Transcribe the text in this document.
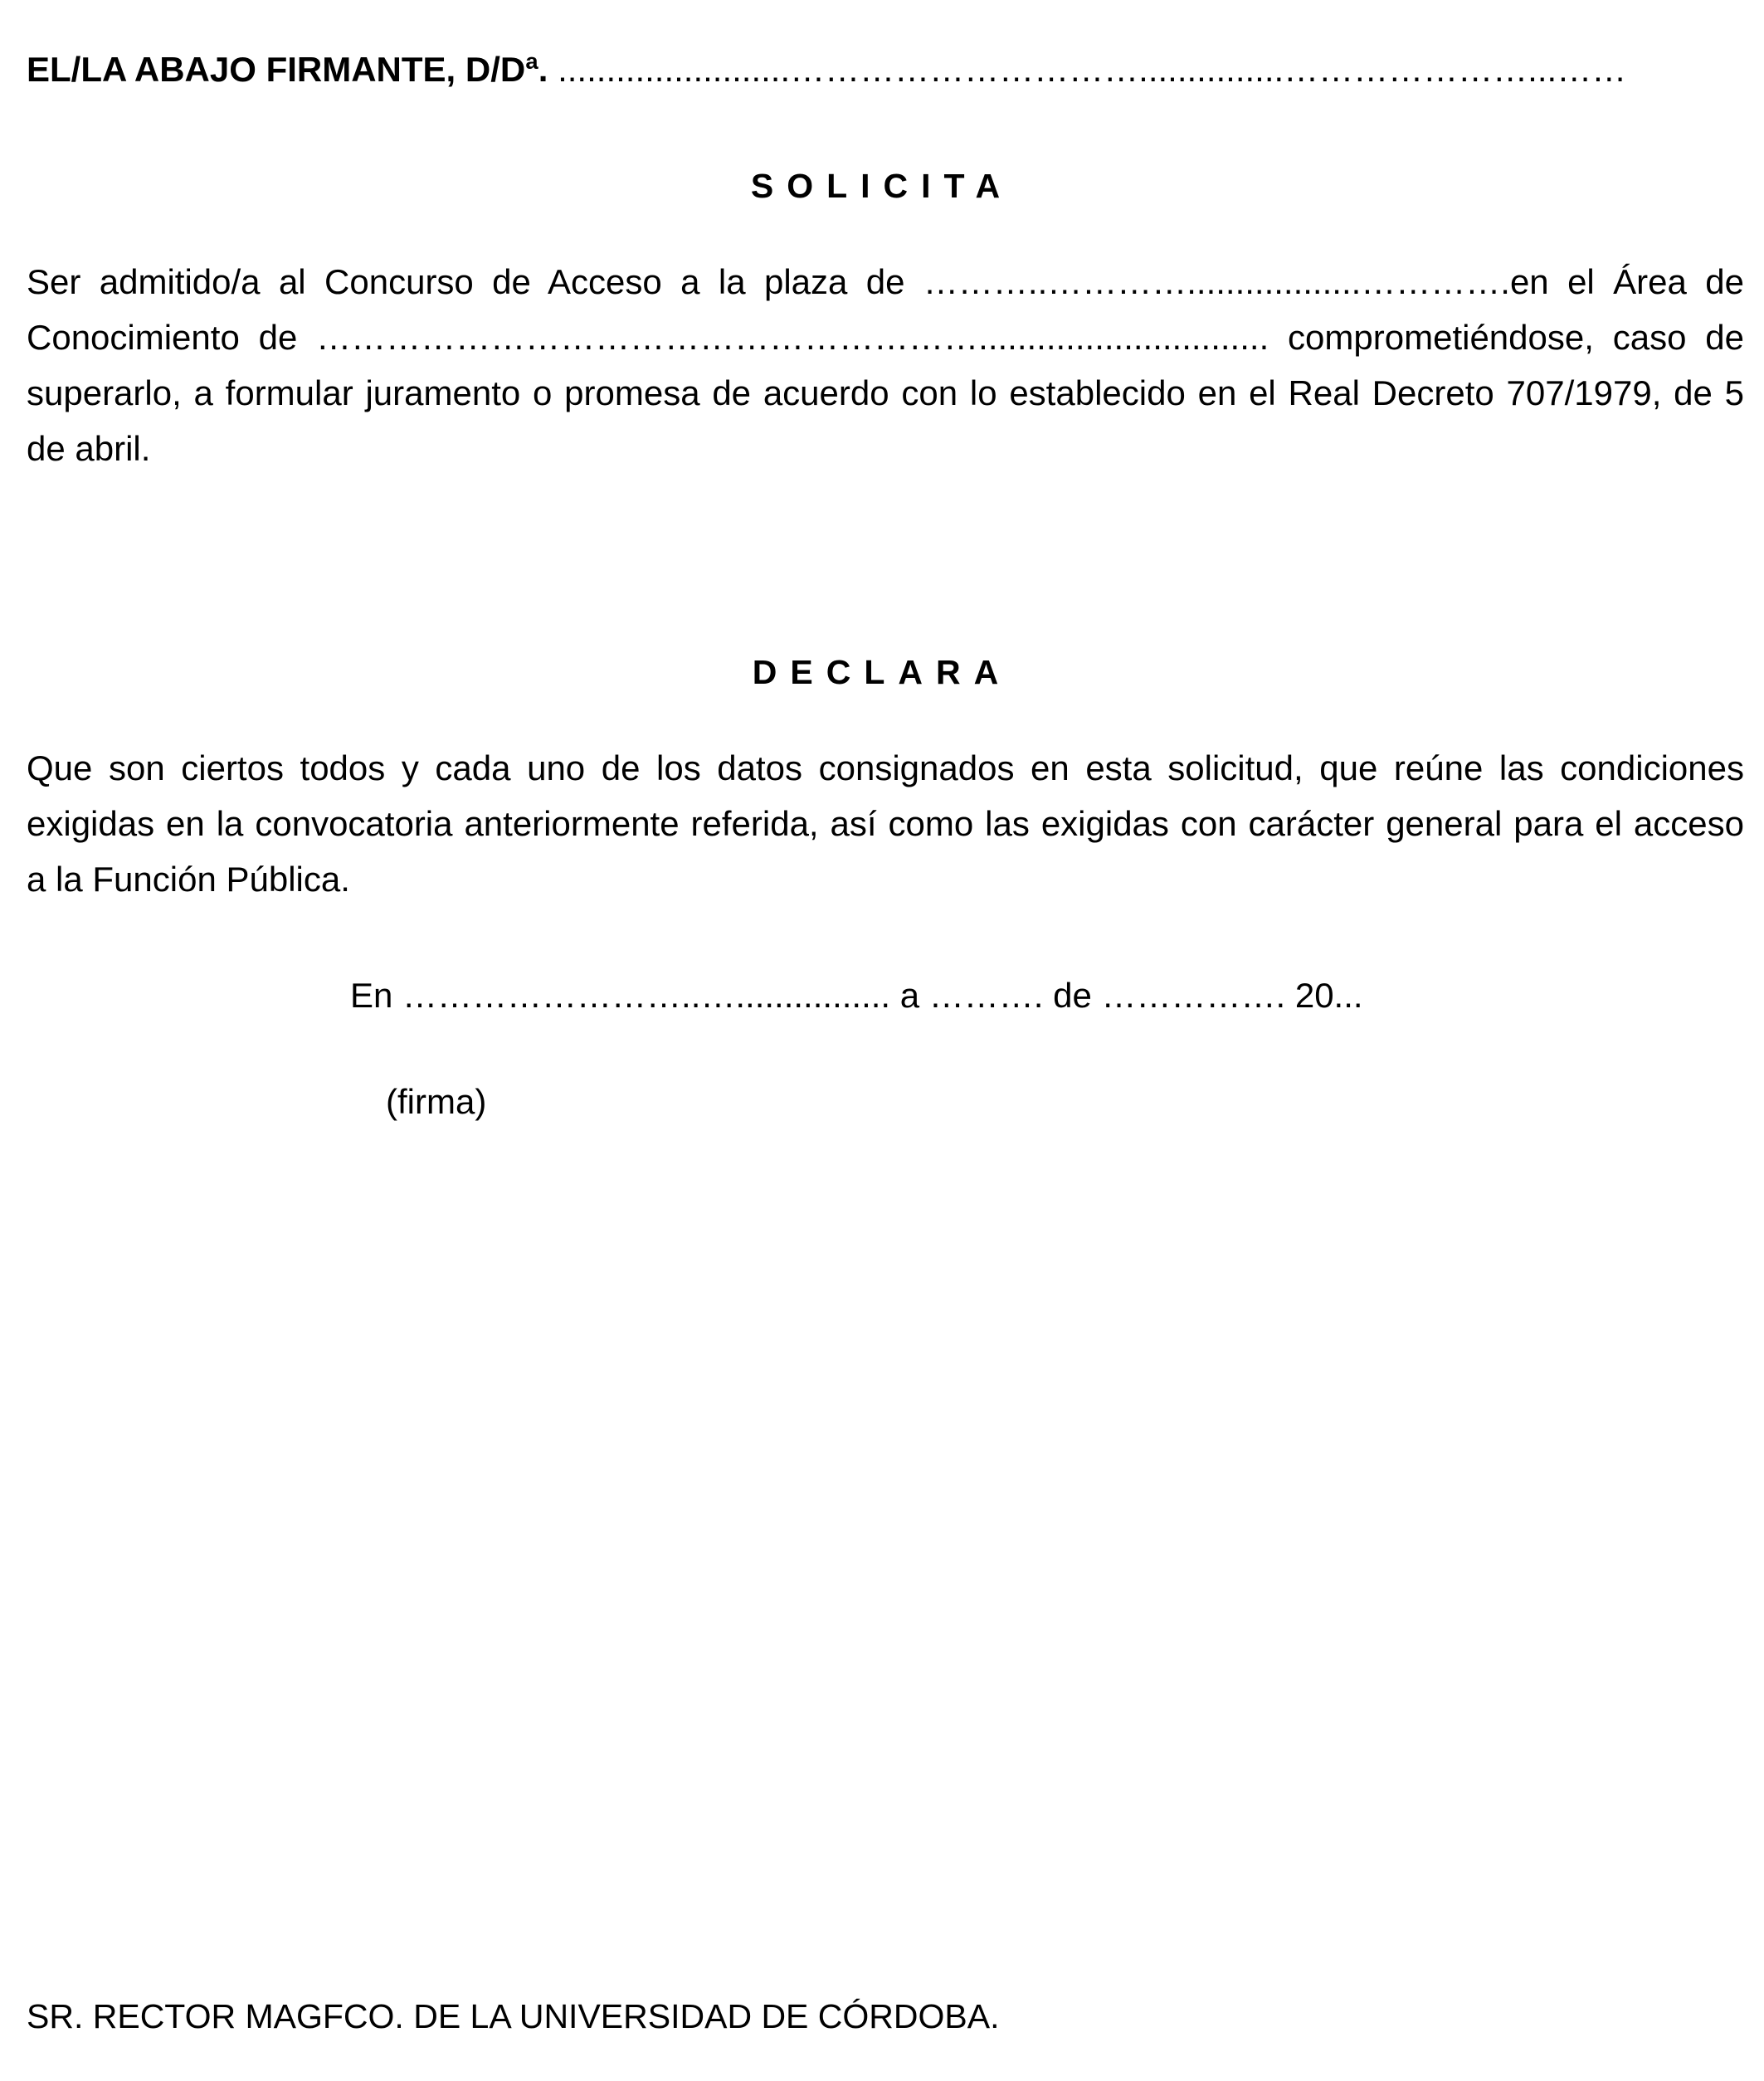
EL/LA ABAJO FIRMANTE, D/Dª. ........................…………………………...............…………………...……
SOLICITA
Ser admitido/a al Concurso de Acceso a la plaza de ………..…………..................………….en el Área de Conocimiento de ………………………………………………….............................. comprometiéndose, caso de superarlo, a formular juramento o promesa de acuerdo con lo establecido en el Real Decreto 707/1979, de 5 de abril.
DECLARA
Que son ciertos todos y cada uno de los datos consignados en esta solicitud, que reúne las condiciones exigidas en la convocatoria anteriormente referida, así como las exigidas con carácter general para el acceso a la Función Pública.
En ……………………..…................ a ………. de ……………. 20...
(firma)
SR. RECTOR MAGFCO. DE LA UNIVERSIDAD DE CÓRDOBA.
